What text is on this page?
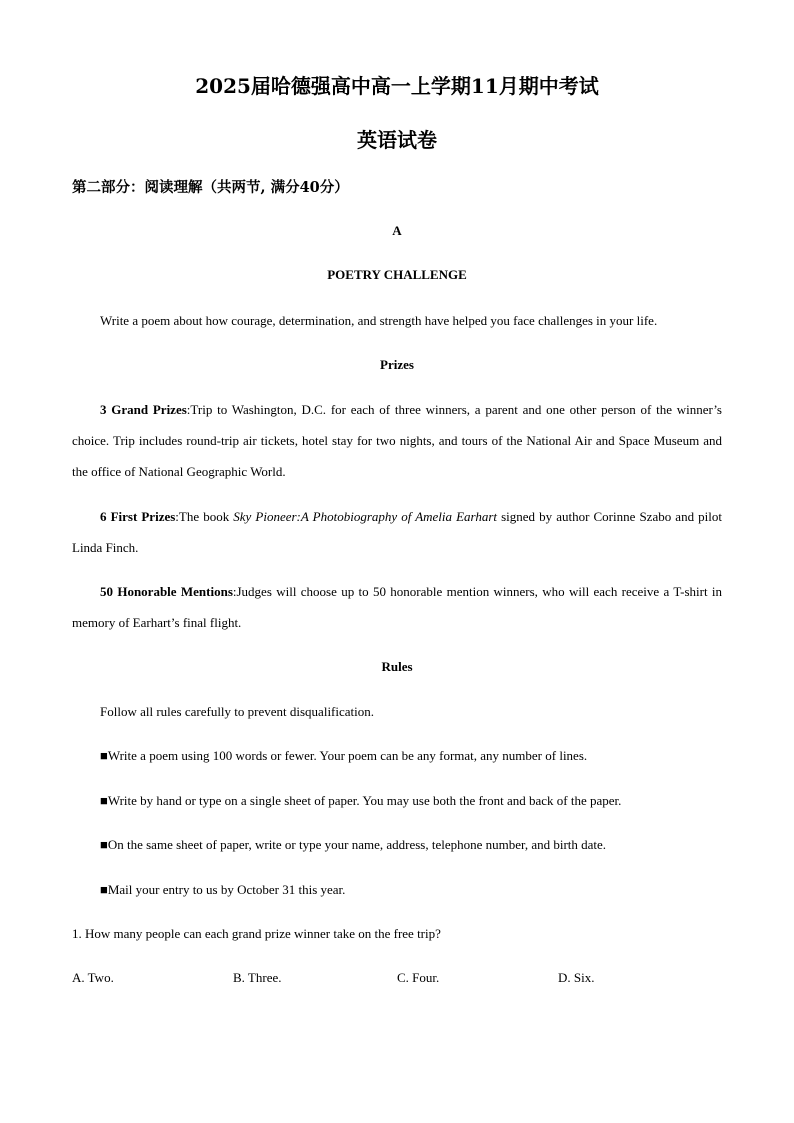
2025届哈德强高中高一上学期11月期中考试
英语试卷
第二部分：阅读理解（共两节, 满分40分）
A
POETRY CHALLENGE
Write a poem about how courage, determination, and strength have helped you face challenges in your life.
Prizes
3 Grand Prizes:Trip to Washington, D.C. for each of three winners, a parent and one other person of the winner’s choice. Trip includes round-trip air tickets, hotel stay for two nights, and tours of the National Air and Space Museum and the office of National Geographic World.
6 First Prizes:The book Sky Pioneer:A Photobiography of Amelia Earhart signed by author Corinne Szabo and pilot Linda Finch.
50 Honorable Mentions:Judges will choose up to 50 honorable mention winners, who will each receive a T-shirt in memory of Earhart’s final flight.
Rules
Follow all rules carefully to prevent disqualification.
■Write a poem using 100 words or fewer. Your poem can be any format, any number of lines.
■Write by hand or type on a single sheet of paper. You may use both the front and back of the paper.
■On the same sheet of paper, write or type your name, address, telephone number, and birth date.
■Mail your entry to us by October 31 this year.
1. How many people can each grand prize winner take on the free trip?
A. Two.	B. Three.	C. Four.	D. Six.
